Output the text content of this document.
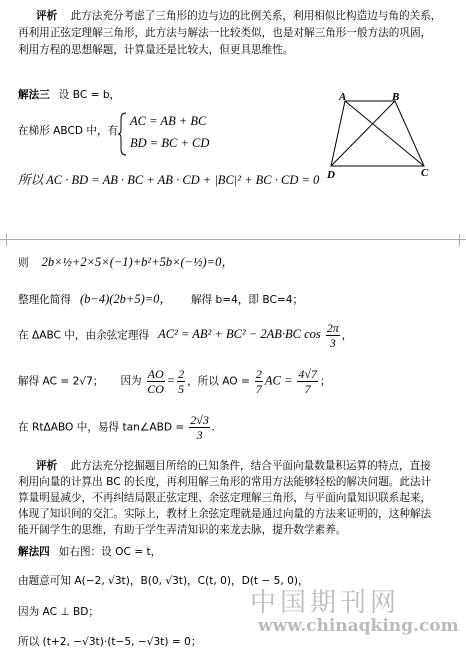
评析 此方法充分考虑了三角形的边与边的比例关系，利用相似比构造边与角的关系，
再利用正弦定理解三角形，此方法与解法一比较类似，也是对解三角形一般方法的巩固，
利用方程的思想解题，计算量还是比较大，但更具思维性。
解法三 设 BC = b，
在梯形 ABCD 中，有
AC = AB + BC
BD = BC + CD
所以 AC · BD = AB · BC + AB · CD + |BC|² + BC · CD = 0
A	B
C
D
则 2b×½+2×5×(−1)+b²+5b×(−½)=0，
整理化简得 (b−4)(2b+5)=0， 解得 b=4，即 BC=4；
在 ΔABC 中，由余弦定理得 AC² = AB² + BC² − 2AB·BC $\cos \frac{2\pi}{3}$ ，
解得 AC = 2√7； 因为 $\frac{AO}{CO} = \frac{2}{5}$ ，所以 AO = $\frac{2}{7}$ AC = $\frac{4√7}{7}$ ；
在 RtΔABO 中，易得 tan∠ABD = $\frac{2√3}{3}$ .
评析 此方法充分挖掘题目所给的已知条件，结合平面向量数量积运算的特点，直接
利用向量的计算出 BC 的长度，再利用解三角形的常用方法能够轻松的解决问题。此法计
算量明显减少，不再纠结局限正弦定理、余弦定理解三角形，与平面向量知识联系起来，
体现了知识间的交汇。实际上，教材上余弦定理就是通过向量的方法来证明的，这种解法
能开阔学生的思维，有助于学生弄清知识的来龙去脉，提升数学素养。
解法四 如右图：设 OC = t，
由题意可知 A(−2, √3t)，B(0, √3t)，C(t, 0)，D(t − 5, 0)，
因为 AC ⊥ BD；
所以 (t+2, −√3t)·(t−5, −√3t) = 0；
中国期刊网
www.chinaqking.com
